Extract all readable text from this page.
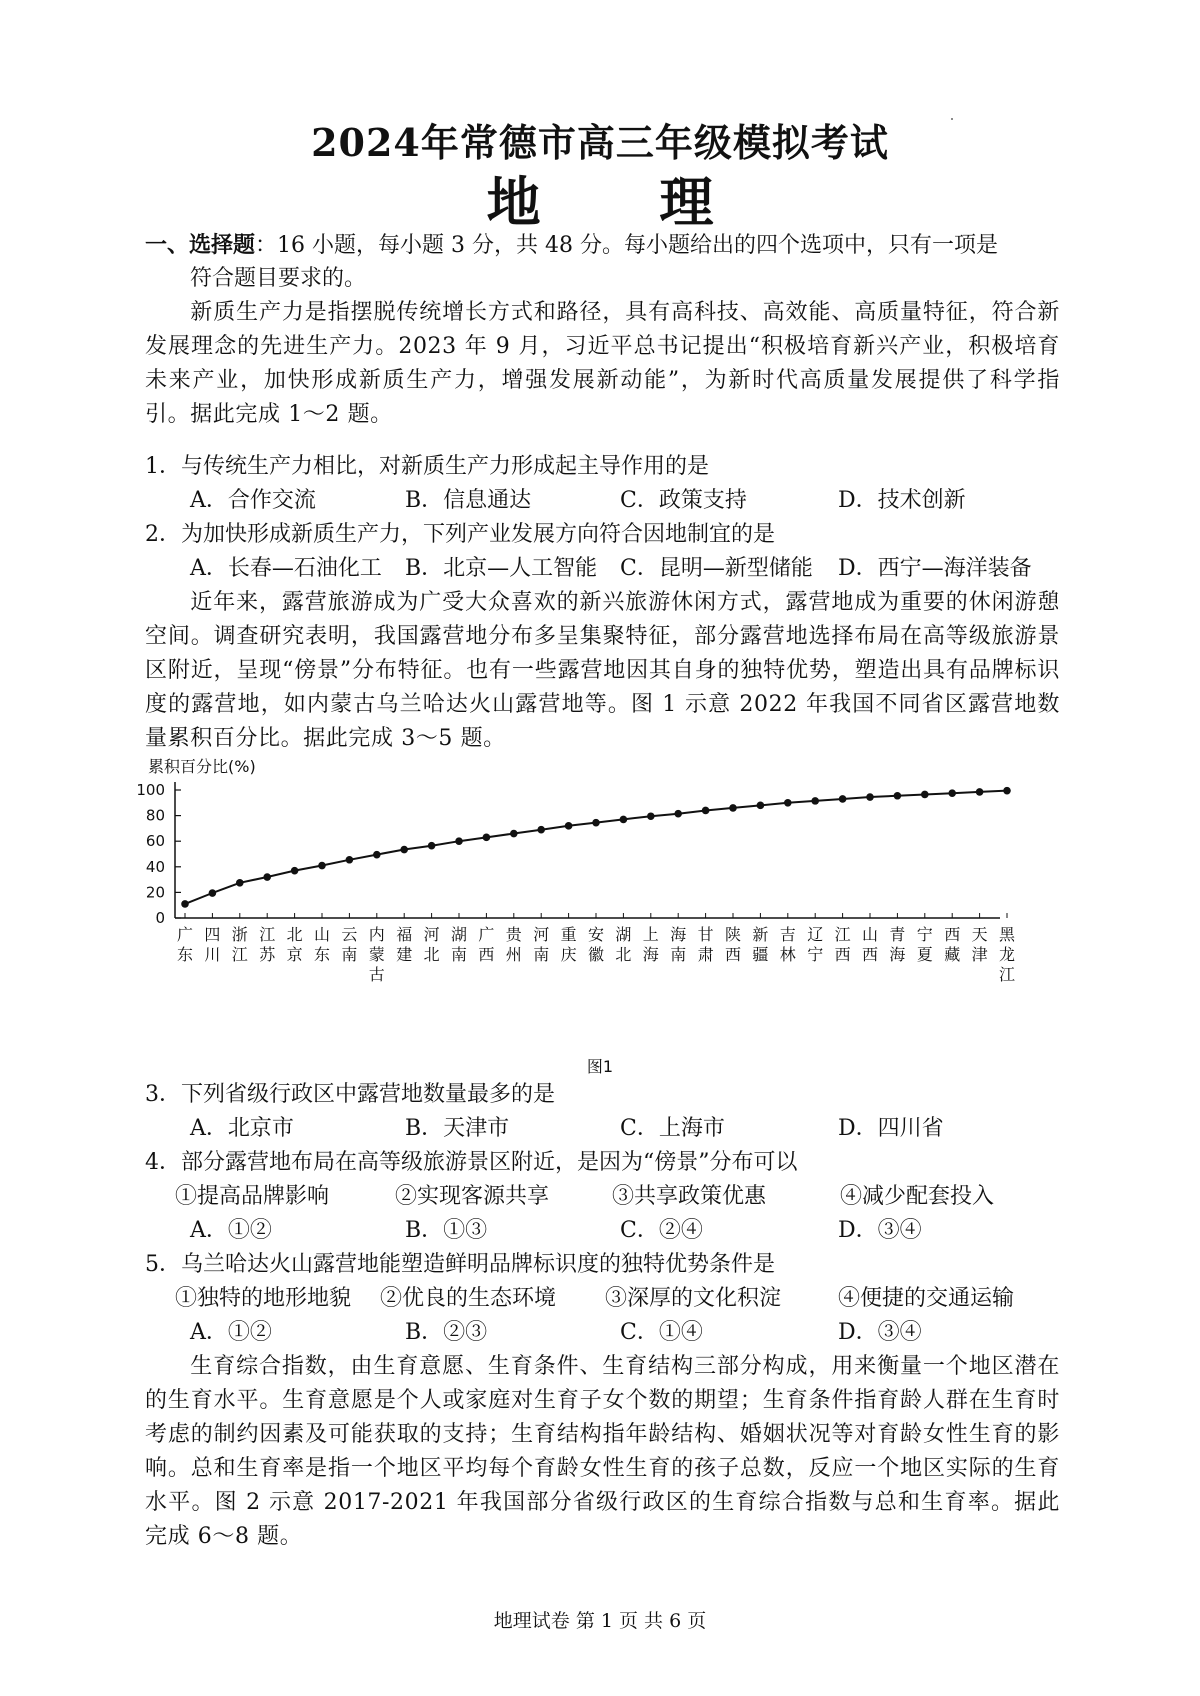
2024年常德市高三年级模拟考试
地 理
一、选择题：16 小题，每小题 3 分，共 48 分。每小题给出的四个选项中，只有一项是
符合题目要求的。
新质生产力是指摆脱传统增长方式和路径，具有高科技、高效能、高质量特征，符合新发展理念的先进生产力。2023 年 9 月，习近平总书记提出“积极培育新兴产业，积极培育未来产业，加快形成新质生产力，增强发展新动能”，为新时代高质量发展提供了科学指引。据此完成 1～2 题。
1．与传统生产力相比，对新质生产力形成起主导作用的是
A．合作交流	B．信息通达	C．政策支持	D．技术创新
2．为加快形成新质生产力，下列产业发展方向符合因地制宜的是
A．长春—石油化工 B．北京—人工智能 C．昆明—新型储能 D．西宁—海洋装备
近年来，露营旅游成为广受大众喜欢的新兴旅游休闲方式，露营地成为重要的休闲游憩空间。调查研究表明，我国露营地分布多呈集聚特征，部分露营地选择布局在高等级旅游景区附近，呈现“傍景”分布特征。也有一些露营地因其自身的独特优势，塑造出具有品牌标识度的露营地，如内蒙古乌兰哈达火山露营地等。图 1 示意 2022 年我国不同省区露营地数量累积百分比。据此完成 3～5 题。
累积百分比(%)
0
20
40
60
80
100
广东
四川
浙江
江苏
北京
山东
云南
内蒙古
福建
河北
湖南
广西
贵州
河南
重庆
安徽
湖北
上海
海南
甘肃
陕西
新疆
吉林
辽宁
江西
山西
青海
宁夏
西藏
天津
黑龙江
图1
3．下列省级行政区中露营地数量最多的是
A．北京市	B．天津市	C．上海市	D．四川省
4．部分露营地布局在高等级旅游景区附近，是因为“傍景”分布可以
①提高品牌影响	②实现客源共享	③共享政策优惠	④减少配套投入
A．①②	B．①③	C．②④	D．③④
5．乌兰哈达火山露营地能塑造鲜明品牌标识度的独特优势条件是
①独特的地形地貌 ②优良的生态环境 ③深厚的文化积淀	④便捷的交通运输
A．①②	B．②③	C．①④	D．③④
生育综合指数，由生育意愿、生育条件、生育结构三部分构成，用来衡量一个地区潜在的生育水平。生育意愿是个人或家庭对生育子女个数的期望；生育条件指育龄人群在生育时考虑的制约因素及可能获取的支持；生育结构指年龄结构、婚姻状况等对育龄女性生育的影响。总和生育率是指一个地区平均每个育龄女性生育的孩子总数，反应一个地区实际的生育水平。图 2 示意 2017-2021 年我国部分省级行政区的生育综合指数与总和生育率。据此完成 6～8 题。
地理试卷 第 1 页 共 6 页
